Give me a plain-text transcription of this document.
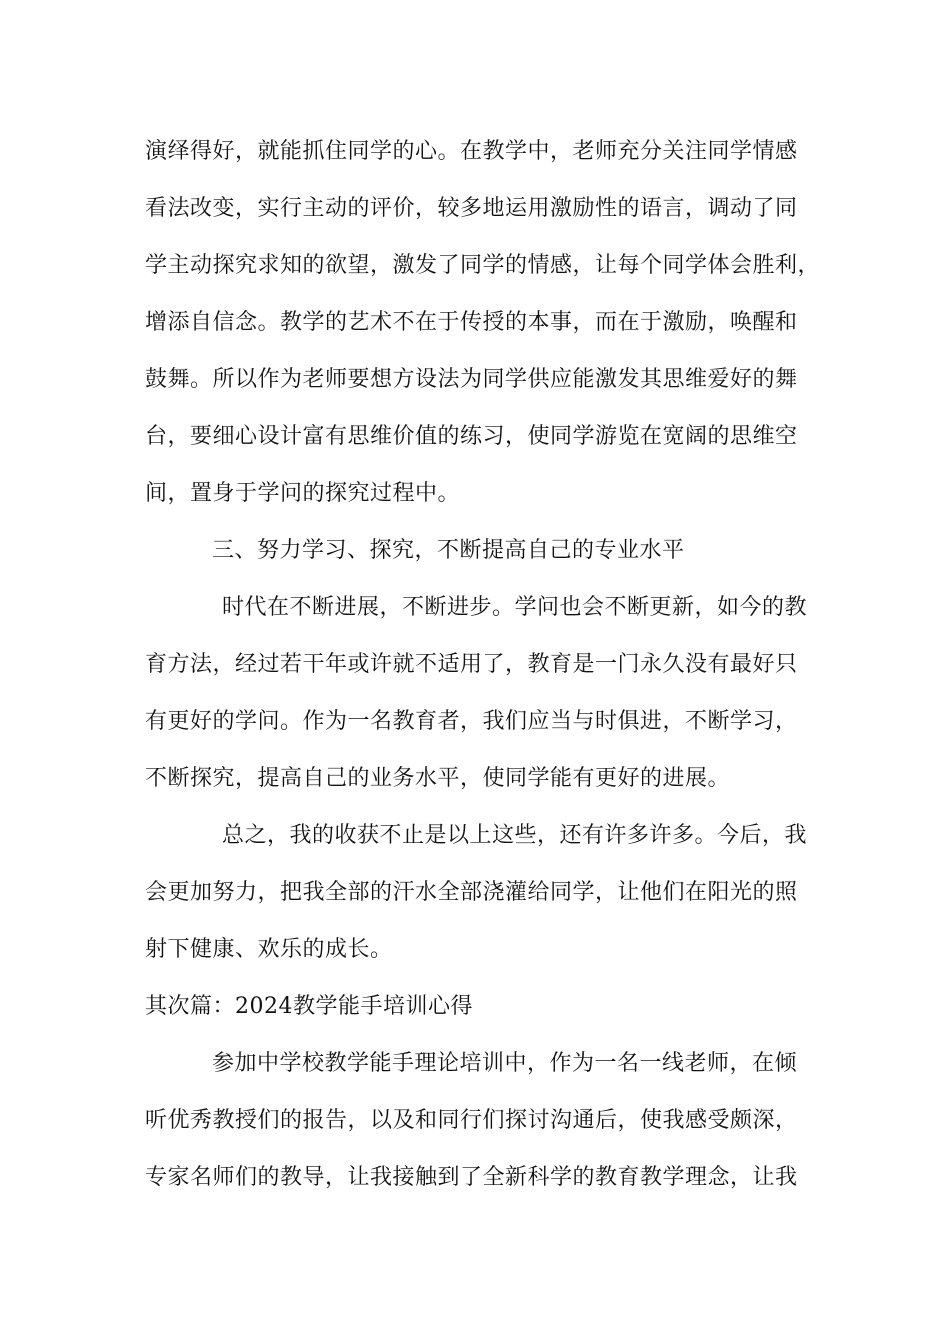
演绎得好，就能抓住同学的心。在教学中，老师充分关注同学情感
看法改变，实行主动的评价，较多地运用激励性的语言，调动了同
学主动探究求知的欲望，激发了同学的情感，让每个同学体会胜利，
增添自信念。教学的艺术不在于传授的本事，而在于激励，唤醒和
鼓舞。所以作为老师要想方设法为同学供应能激发其思维爱好的舞
台，要细心设计富有思维价值的练习，使同学游览在宽阔的思维空
间，置身于学问的探究过程中。
三、努力学习、探究，不断提高自己的专业水平
时代在不断进展，不断进步。学问也会不断更新，如今的教
育方法，经过若干年或许就不适用了，教育是一门永久没有最好只
有更好的学问。作为一名教育者，我们应当与时俱进，不断学习，
不断探究，提高自己的业务水平，使同学能有更好的进展。
总之，我的收获不止是以上这些，还有许多许多。今后，我
会更加努力，把我全部的汗水全部浇灌给同学，让他们在阳光的照
射下健康、欢乐的成长。
其次篇：2024教学能手培训心得
参加中学校教学能手理论培训中，作为一名一线老师，在倾
听优秀教授们的报告，以及和同行们探讨沟通后，使我感受颇深，
专家名师们的教导，让我接触到了全新科学的教育教学理念，让我
